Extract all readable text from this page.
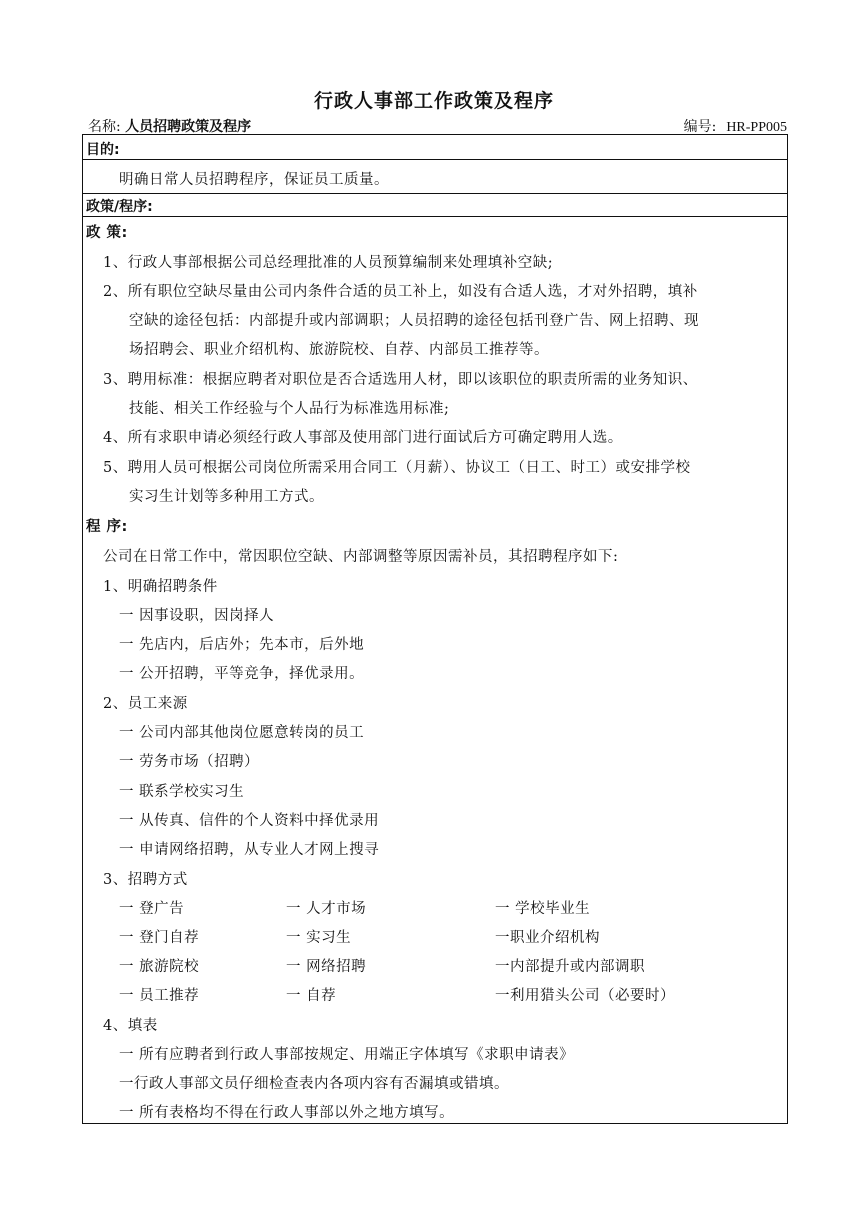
行政人事部工作政策及程序
名称: 人员招聘政策及程序	编号: HR-PP005
目的:
明确日常人员招聘程序，保证员工质量。
政策/程序:
政 策:
1、行政人事部根据公司总经理批准的人员预算编制来处理填补空缺;
2、所有职位空缺尽量由公司内条件合适的员工补上，如没有合适人选，才对外招聘，填补
空缺的途径包括：内部提升或内部调职；人员招聘的途径包括刊登广告、网上招聘、现
场招聘会、职业介绍机构、旅游院校、自荐、内部员工推荐等。
3、聘用标准：根据应聘者对职位是否合适选用人材，即以该职位的职责所需的业务知识、
技能、相关工作经验与个人品行为标准选用标准;
4、所有求职申请必须经行政人事部及使用部门进行面试后方可确定聘用人选。
5、聘用人员可根据公司岗位所需采用合同工（月薪）、协议工（日工、时工）或安排学校
实习生计划等多种用工方式。
程 序:
公司在日常工作中，常因职位空缺、内部调整等原因需补员，其招聘程序如下:
1、明确招聘条件
一 因事设职，因岗择人
一 先店内，后店外；先本市，后外地
一 公开招聘，平等竞争，择优录用。
2、员工来源
一 公司内部其他岗位愿意转岗的员工
一 劳务市场（招聘）
一 联系学校实习生
一 从传真、信件的个人资料中择优录用
一 申请网络招聘，从专业人才网上搜寻
3、招聘方式
一 登广告	一 人才市场	一 学校毕业生
一 登门自荐	一 实习生	一职业介绍机构
一 旅游院校	一 网络招聘	一内部提升或内部调职
一 员工推荐	一 自荐	一利用猎头公司（必要时）
4、填表
一 所有应聘者到行政人事部按规定、用端正字体填写《求职申请表》
一行政人事部文员仔细检查表内各项内容有否漏填或错填。
一 所有表格均不得在行政人事部以外之地方填写。
